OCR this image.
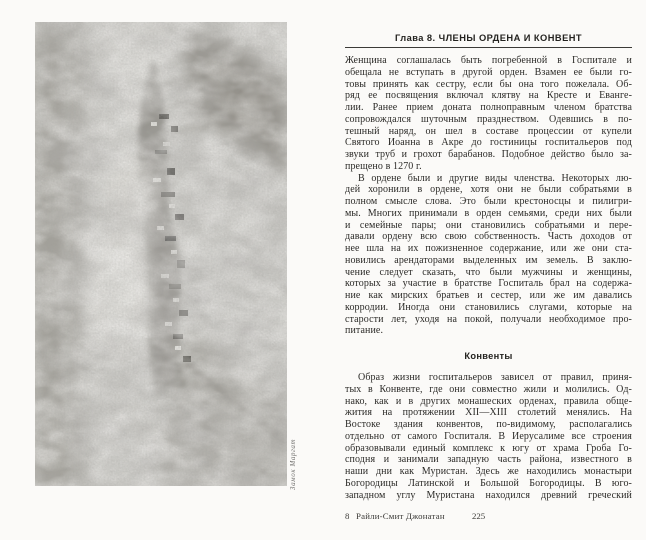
Замок Маргат
Глава 8. ЧЛЕНЫ ОРДЕНА И КОНВЕНТ
Женщина соглашалась быть погребенной в Госпитале и
обещала не вступать в другой орден. Взамен ее были го-
товы принять как сестру, если бы она того пожелала. Об-
ряд ее посвящения включал клятву на Кресте и Еванге-
лии. Ранее прием доната полноправным членом братства
сопровождался шуточным празднеством. Одевшись в по-
тешный наряд, он шел в составе процессии от купели
Святого Иоанна в Акре до гостиницы госпитальеров под
звуки труб и грохот барабанов. Подобное действо было за-
прещено в 1270 г.
В ордене были и другие виды членства. Некоторых лю-
дей хоронили в ордене, хотя они не были собратьями в
полном смысле слова. Это были крестоносцы и пилигри-
мы. Многих принимали в орден семьями, среди них были
и семейные пары; они становились собратьями и пере-
давали ордену всю свою собственность. Часть доходов от
нее шла на их пожизненное содержание, или же они ста-
новились арендаторами выделенных им земель. В заклю-
чение следует сказать, что были мужчины и женщины,
которых за участие в братстве Госпиталь брал на содержа-
ние как мирских братьев и сестер, или же им давались
корродии. Иногда они становились слугами, которые на
старости лет, уходя на покой, получали необходимое про-
питание.
Конвенты
Образ жизни госпитальеров зависел от правил, приня-
тых в Конвенте, где они совместно жили и молились. Од-
нако, как и в других монашеских орденах, правила обще-
жития на протяжении XII—XIII столетий менялись. На
Востоке здания конвентов, по-видимому, располагались
отдельно от самого Госпиталя. В Иерусалиме все строения
образовывали единый комплекс к югу от храма Гроба Го-
сподня и занимали западную часть района, известного в
наши дни как Муристан. Здесь же находились монастыри
Богородицы Латинской и Большой Богородицы. В юго-
западном углу Муристана находился древний греческий
8 Райли-Смит Джонатан	225
